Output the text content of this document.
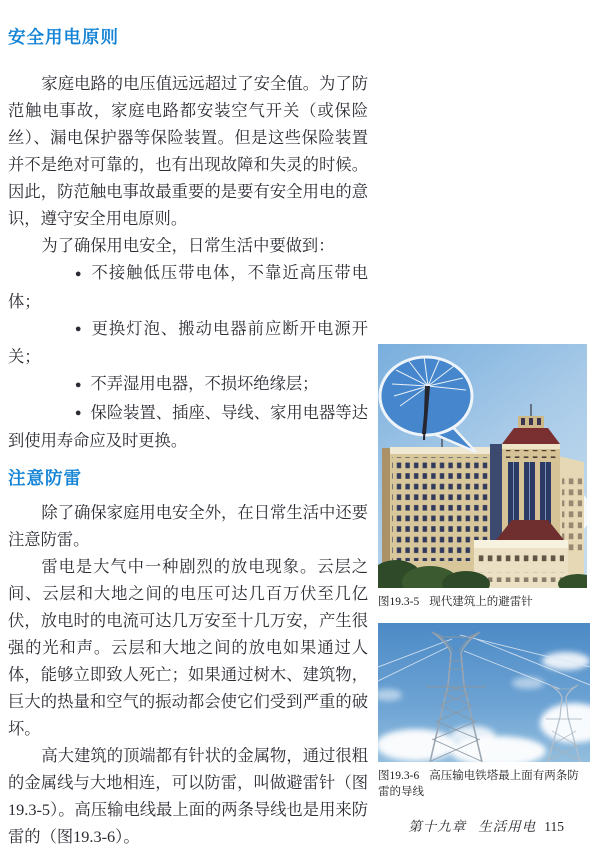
安全用电原则

家庭电路的电压值远远超过了安全值。为了防范触电事故，家庭电路都安装空气开关（或保险丝）、漏电保护器等保险装置。但是这些保险装置并不是绝对可靠的，也有出现故障和失灵的时候。因此，防范触电事故最重要的是要有安全用电的意识，遵守安全用电原则。

为了确保用电安全，日常生活中要做到：

● 不接触低压带电体，不靠近高压带电体；

● 更换灯泡、搬动电器前应断开电源开关；

● 不弄湿用电器，不损坏绝缘层；

● 保险装置、插座、导线、家用电器等达到使用寿命应及时更换。

注意防雷

除了确保家庭用电安全外，在日常生活中还要注意防雷。

雷电是大气中一种剧烈的放电现象。云层之间、云层和大地之间的电压可达几百万伏至几亿伏，放电时的电流可达几万安至十几万安，产生很强的光和声。云层和大地之间的放电如果通过人体，能够立即致人死亡；如果通过树木、建筑物，巨大的热量和空气的振动都会使它们受到严重的破坏。

高大建筑的顶端都有针状的金属物，通过很粗的金属线与大地相连，可以防雷，叫做避雷针（图19.3-5）。高压输电线最上面的两条导线也是用来防雷的（图19.3-6）。

图19.3-5 现代建筑上的避雷针
图19.3-6 高压输电铁塔最上面有两条防雷的导线
第十九章 生活用电 115
